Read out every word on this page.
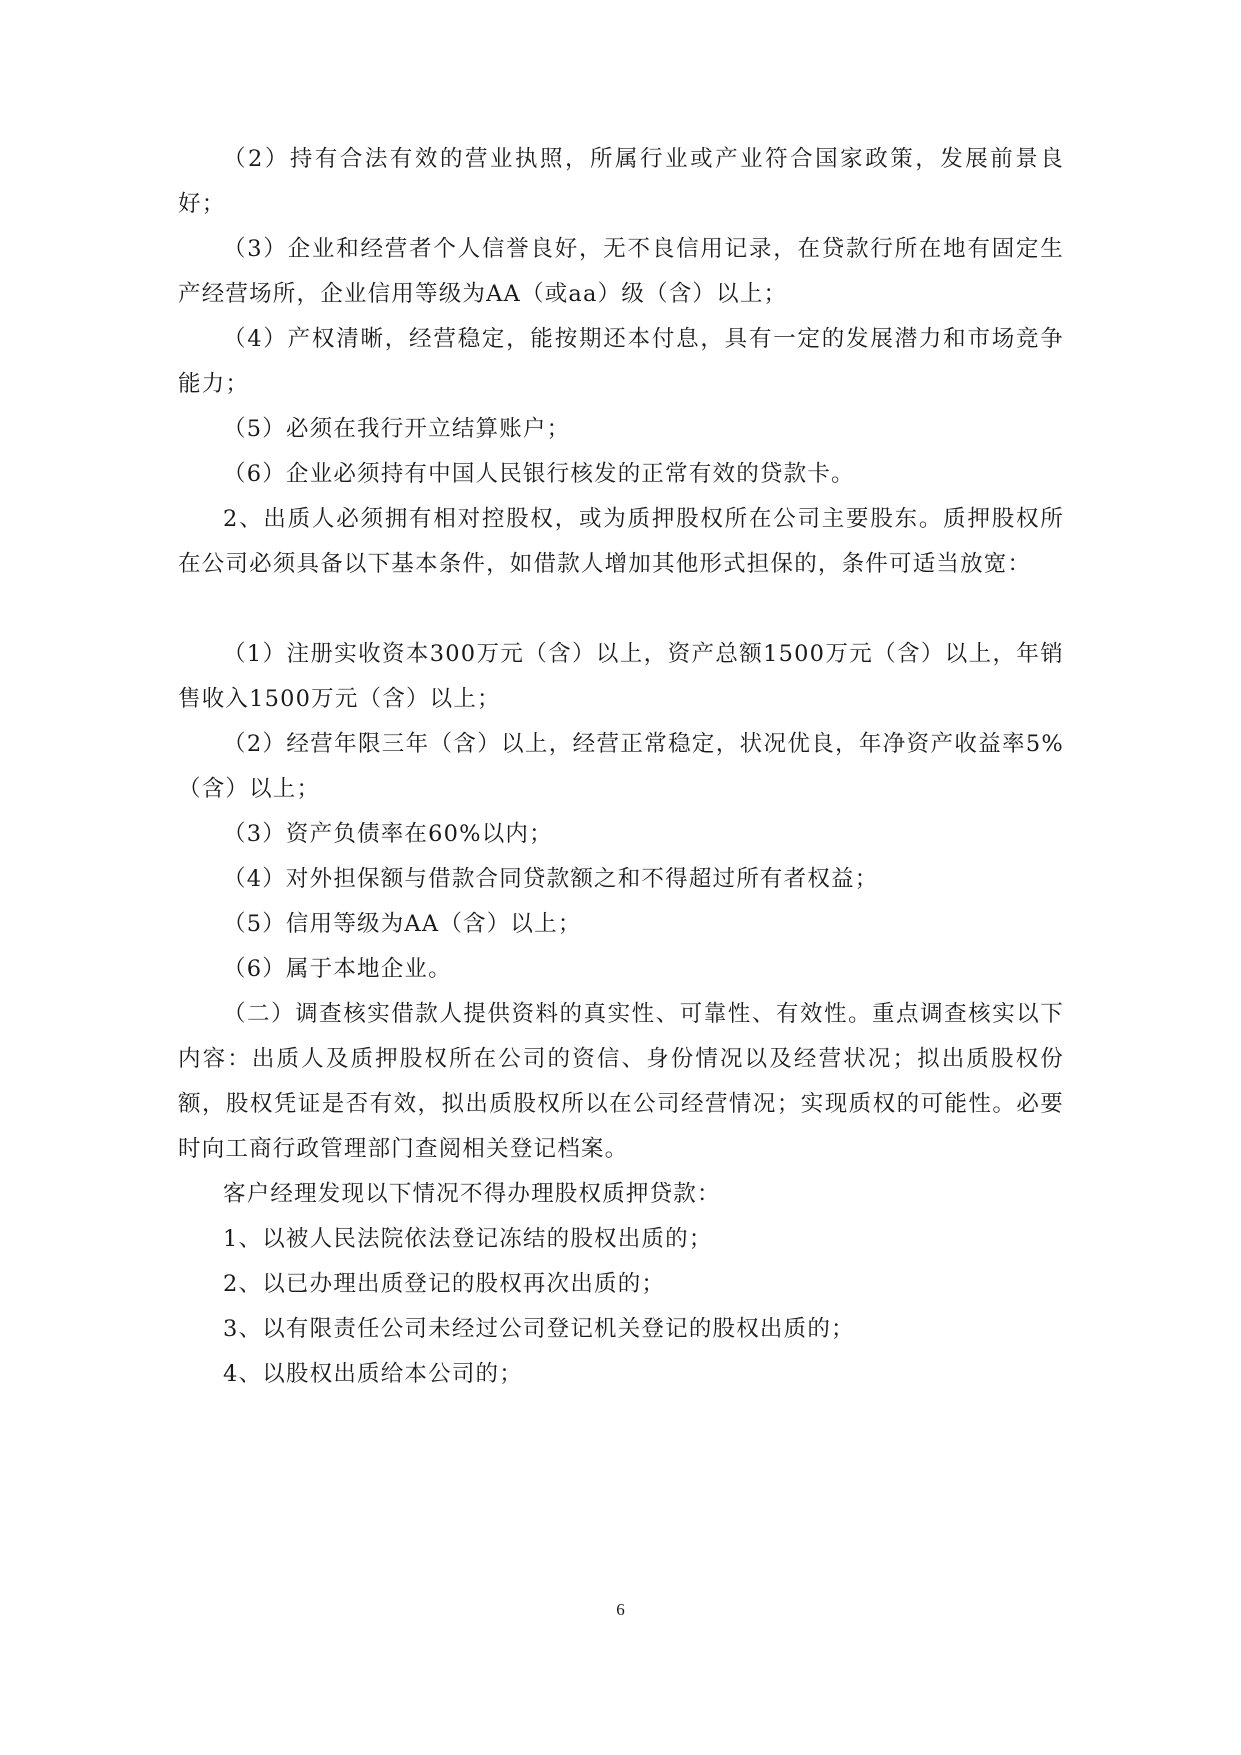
（2）持有合法有效的营业执照，所属行业或产业符合国家政策，发展前景良好；

（3）企业和经营者个人信誉良好，无不良信用记录，在贷款行所在地有固定生产经营场所，企业信用等级为AA（或aa）级（含）以上；

（4）产权清晰，经营稳定，能按期还本付息，具有一定的发展潜力和市场竞争能力；

（5）必须在我行开立结算账户；

（6）企业必须持有中国人民银行核发的正常有效的贷款卡。

2、出质人必须拥有相对控股权，或为质押股权所在公司主要股东。质押股权所在公司必须具备以下基本条件，如借款人增加其他形式担保的，条件可适当放宽：

（1）注册实收资本300万元（含）以上，资产总额1500万元（含）以上，年销售收入1500万元（含）以上；

（2）经营年限三年（含）以上，经营正常稳定，状况优良，年净资产收益率5%（含）以上；

（3）资产负债率在60%以内；

（4）对外担保额与借款合同贷款额之和不得超过所有者权益；

（5）信用等级为AA（含）以上；

（6）属于本地企业。

（二）调查核实借款人提供资料的真实性、可靠性、有效性。重点调查核实以下内容：出质人及质押股权所在公司的资信、身份情况以及经营状况；拟出质股权份额，股权凭证是否有效，拟出质股权所以在公司经营情况；实现质权的可能性。必要时向工商行政管理部门查阅相关登记档案。

客户经理发现以下情况不得办理股权质押贷款：

1、以被人民法院依法登记冻结的股权出质的；

2、以已办理出质登记的股权再次出质的；

3、以有限责任公司未经过公司登记机关登记的股权出质的；

4、以股权出质给本公司的；

6
